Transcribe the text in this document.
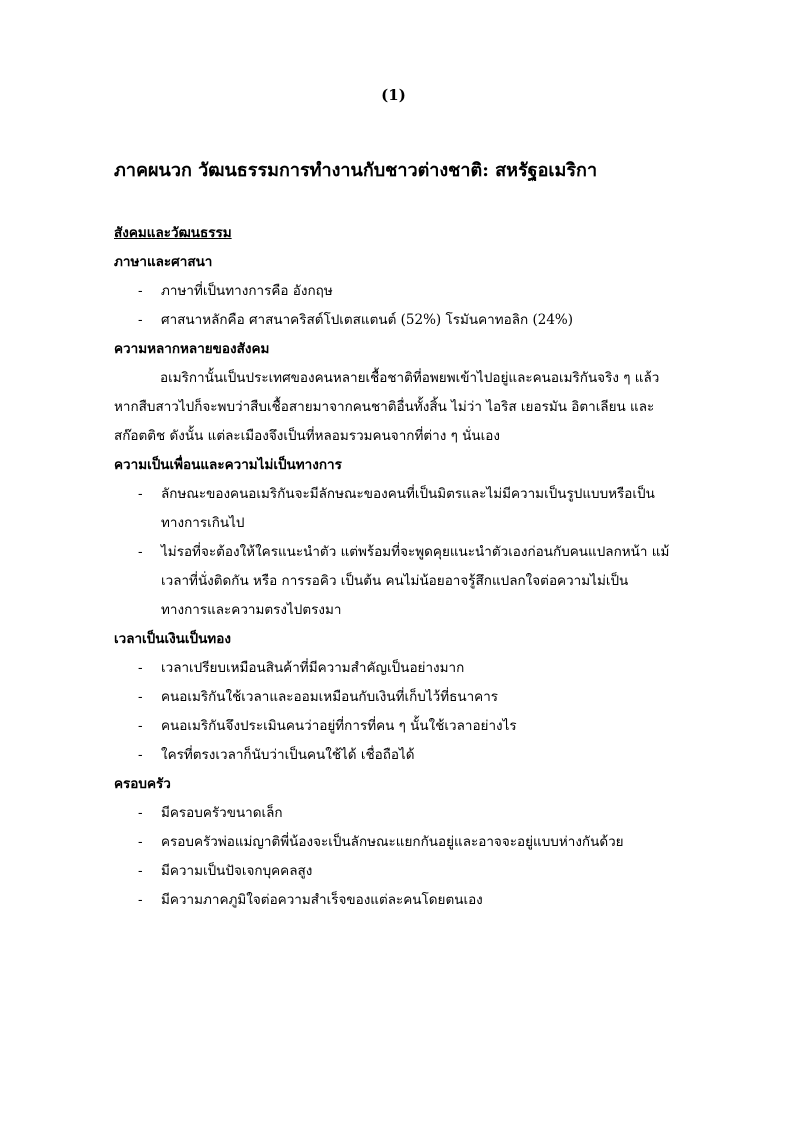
(1)
ภาคผนวก วัฒนธรรมการทำงานกับชาวต่างชาติ: สหรัฐอเมริกา
สังคมและวัฒนธรรม
ภาษาและศาสนา
- ภาษาที่เป็นทางการคือ อังกฤษ
- ศาสนาหลักคือ ศาสนาคริสต์โปเตสแตนต์ (52%) โรมันคาทอลิก (24%)
ความหลากหลายของสังคม

อเมริกานั้นเป็นประเทศของคนหลายเชื้อชาติที่อพยพเข้าไปอยู่และคนอเมริกันจริง ๆ แล้วหากสืบสาวไปก็จะพบว่าสืบเชื้อสายมาจากคนชาติอื่นทั้งสิ้น ไม่ว่า ไอริส เยอรมัน อิตาเลียน และสก๊อตติช ดังนั้น แต่ละเมืองจึงเป็นที่หลอมรวมคนจากที่ต่าง ๆ นั่นเอง

ความเป็นเพื่อนและความไม่เป็นทางการ
- ลักษณะของคนอเมริกันจะมีลักษณะของคนที่เป็นมิตรและไม่มีความเป็นรูปแบบหรือเป็นทางการเกินไป
- ไม่รอที่จะต้องให้ใครแนะนำตัว แต่พร้อมที่จะพูดคุยแนะนำตัวเองก่อนกับคนแปลกหน้า แม้เวลาที่นั่งติดกัน หรือ การรอคิว เป็นต้น คนไม่น้อยอาจรู้สึกแปลกใจต่อความไม่เป็นทางการและความตรงไปตรงมา
เวลาเป็นเงินเป็นทอง
- เวลาเปรียบเหมือนสินค้าที่มีความสำคัญเป็นอย่างมาก
- คนอเมริกันใช้เวลาและออมเหมือนกับเงินที่เก็บไว้ที่ธนาคาร
- คนอเมริกันจึงประเมินคนว่าอยู่ที่การที่คน ๆ นั้นใช้เวลาอย่างไร
- ใครที่ตรงเวลาก็นับว่าเป็นคนใช้ได้ เชื่อถือได้
ครอบครัว
- มีครอบครัวขนาดเล็ก
- ครอบครัวพ่อแม่ญาติพี่น้องจะเป็นลักษณะแยกกันอยู่และอาจจะอยู่แบบห่างกันด้วย
- มีความเป็นปัจเจกบุคคลสูง
- มีความภาคภูมิใจต่อความสำเร็จของแต่ละคนโดยตนเอง
